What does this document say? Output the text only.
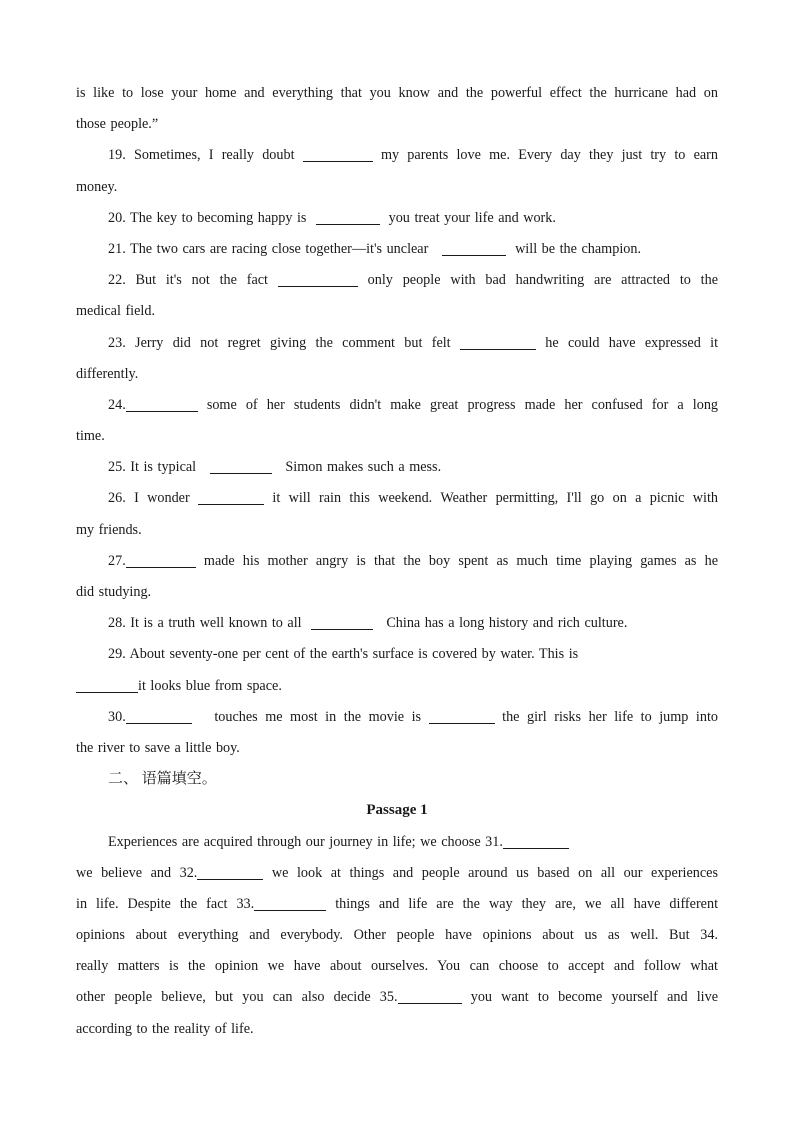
is like to lose your home and everything that you know and the powerful effect the hurricane had on
those people.”
19. Sometimes, I really doubt	my parents love me. Every day they just try to earn
money.
20. The key to becoming happy is	you treat your life and work.
21. The two cars are racing close together—it's unclear	will be the champion.
22. But it's not the fact	only people with bad handwriting are attracted to the
medical field.
23. Jerry did not regret giving the comment but felt	he could have expressed it
differently.
24.	some of her students didn't make great progress made her confused for a long
time.
25. It is typical	Simon makes such a mess.
26. I wonder	it will rain this weekend. Weather permitting, I'll go on a picnic with
my friends.
27.	made his mother angry is that the boy spent as much time playing games as he
did studying.
28. It is a truth well known to all	China has a long history and rich culture.
29. About seventy-one per cent of the earth's surface is covered by water. This is
it looks blue from space.
30.	touches me most in the movie is	the girl risks her life to jump into
the river to save a little boy.
二、 语篇填空。
Passage 1
Experiences are acquired through our journey in life; we choose 31.
we believe and 32.	we look at things and people around us based on all our experiences
in life. Despite the fact 33.	things and life are the way they are, we all have different
opinions about everything and everybody. Other people have opinions about us as well. But 34.
really matters is the opinion we have about ourselves. You can choose to accept and follow what
other people believe, but you can also decide 35.	you want to become yourself and live
according to the reality of life.
